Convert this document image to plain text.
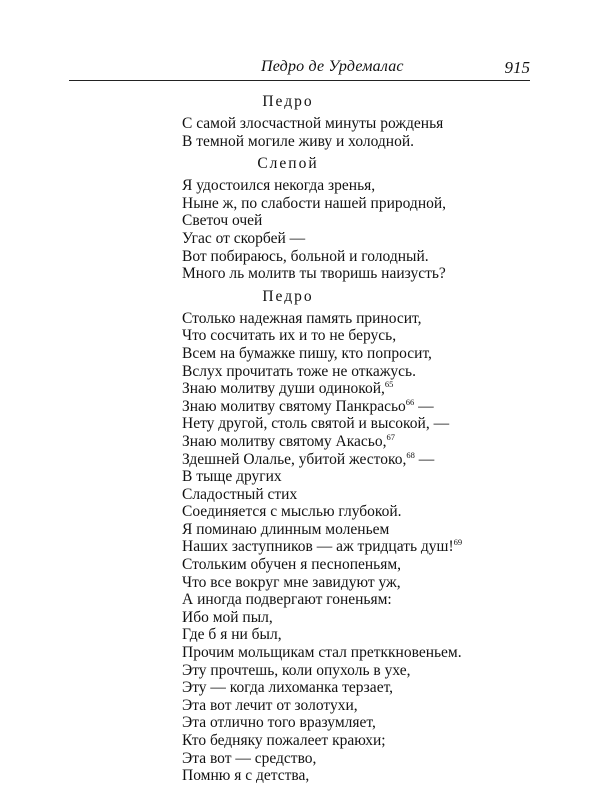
Педро де Урдемалас	915
Педро
С самой злосчастной минуты рожденья
В темной могиле живу и холодной.
Слепой
Я удостоился некогда зренья,
Ныне ж, по слабости нашей природной,
Светоч очей
Угас от скорбей —
Вот побираюсь, больной и голодный.
Много ль молитв ты творишь наизусть?
Педро
Столько надежная память приносит,
Что сосчитать их и то не берусь,
Всем на бумажке пишу, кто попросит,
Вслух прочитать тоже не откажусь.
Знаю молитву души одинокой,$^{65}$
Знаю молитву святому Панкрасьо$^{66}$ —
Нету другой, столь святой и высокой, —
Знаю молитву святому Акасьо,$^{67}$
Здешней Олалье, убитой жестоко,$^{68}$ —
В тыще других
Сладостный стих
Соединяется с мыслью глубокой.
Я поминаю длинным моленьем
Наших заступников — аж тридцать душ!$^{69}$
Стольким обучен я песнопеньям,
Что все вокруг мне завидуют уж,
А иногда подвергают гоненьям:
Ибо мой пыл,
Где б я ни был,
Прочим мольщикам стал претккновеньем.
Эту прочтешь, коли опухоль в ухе,
Эту — когда лихоманка терзает,
Эта вот лечит от золотухи,
Эта отлично того вразумляет,
Кто бедняку пожалеет краюхи;
Эта вот — средство,
Помню я с детства,
